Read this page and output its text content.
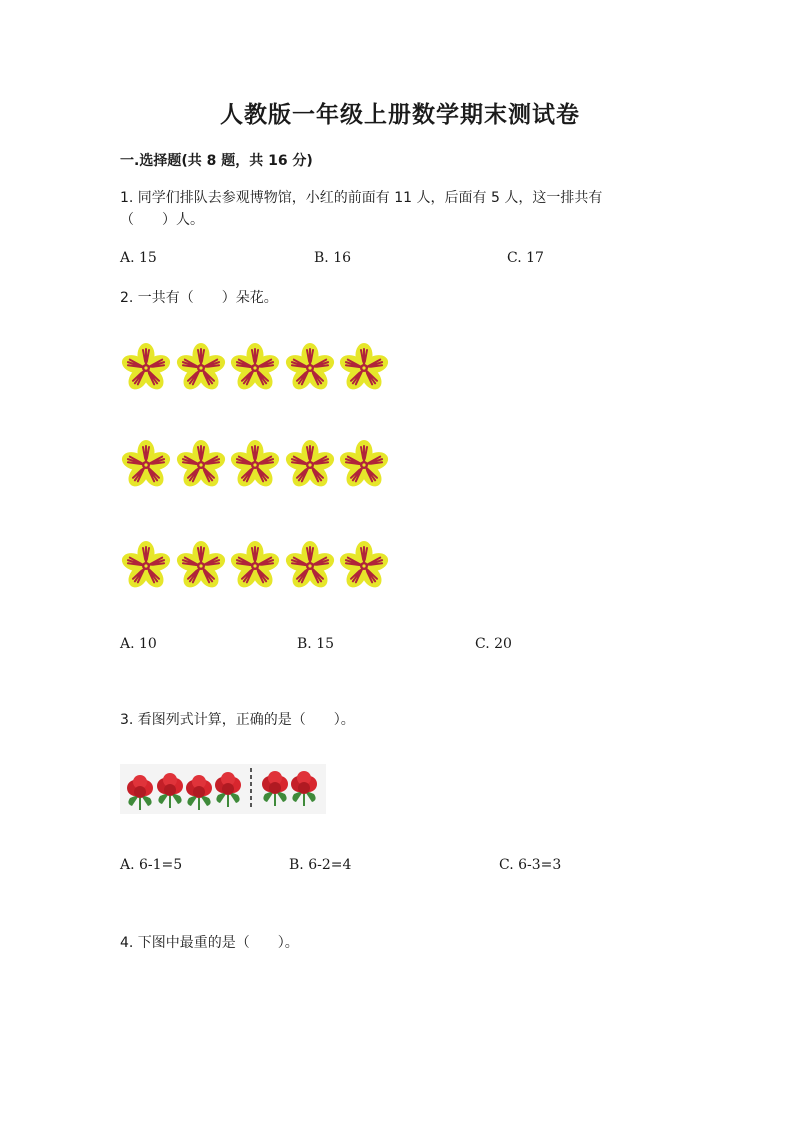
人教版一年级上册数学期末测试卷
一.选择题(共 8 题，共 16 分)
1. 同学们排队去参观博物馆，小红的前面有 11 人，后面有 5 人，这一排共有
（　　）人。
A. 15	B. 16	C. 17
2. 一共有（　　）朵花。
A. 10	B. 15	C. 20
3. 看图列式计算，正确的是（　　）。
A. 6-1=5	B. 6-2=4	C. 6-3=3
4. 下图中最重的是（　　）。
